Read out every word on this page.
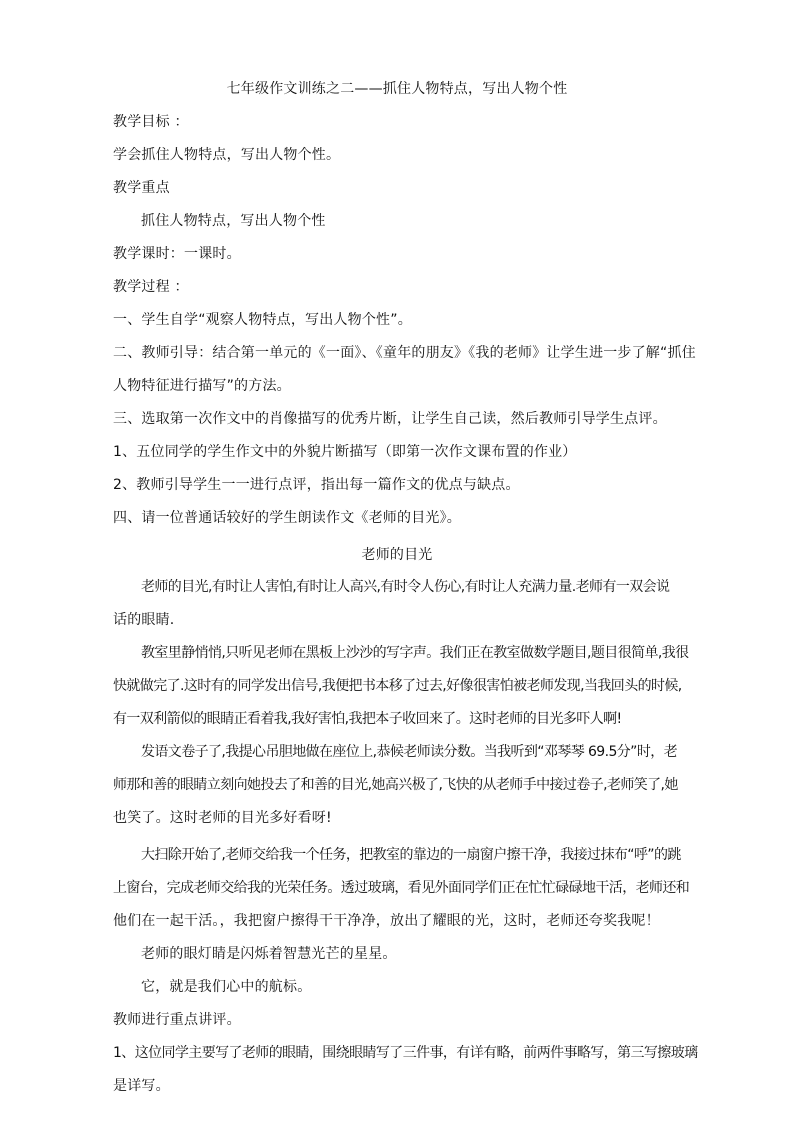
七年级作文训练之二——抓住人物特点，写出人物个性

教学目标 ：

学会抓住人物特点，写出人物个性。

教学重点

抓住人物特点，写出人物个性

教学课时：一课时。

教学过程 ：

一、学生自学“观察人物特点，写出人物个性”。

二、教师引导：结合第一单元的《一面》、《童年的朋友》《我的老师》让学生进一步了解“抓住

人物特征进行描写”的方法。

三、选取第一次作文中的肖像描写的优秀片断，让学生自己读，然后教师引导学生点评。

1、五位同学的学生作文中的外貌片断描写（即第一次作文课布置的作业）

2、教师引导学生一一进行点评，指出每一篇作文的优点与缺点。

四、请一位普通话较好的学生朗读作文《老师的目光》。

老师的目光

老师的目光,有时让人害怕,有时让人高兴,有时令人伤心,有时让人充满力量.老师有一双会说

话的眼睛.

教室里静悄悄,只听见老师在黑板上沙沙的写字声。我们正在教室做数学题目,题目很简单,我很

快就做完了.这时有的同学发出信号,我便把书本移了过去,好像很害怕被老师发现,当我回头的时候,

有一双利箭似的眼睛正看着我,我好害怕,我把本子收回来了。这时老师的目光多吓人啊!

发语文卷子了,我提心吊胆地做在座位上,恭候老师读分数。当我听到“邓琴琴 69.5分”时，老

师那和善的眼睛立刻向她投去了和善的目光,她高兴极了,飞快的从老师手中接过卷子,老师笑了,她

也笑了。这时老师的目光多好看呀!

大扫除开始了,老师交给我一个任务，把教室的靠边的一扇窗户擦干净，我接过抹布“呼”的跳

上窗台，完成老师交给我的光荣任务。透过玻璃，看见外面同学们正在忙忙碌碌地干活，老师还和

他们在一起干活。，我把窗户擦得干干净净，放出了耀眼的光，这时，老师还夸奖我呢！

老师的眼灯睛是闪烁着智慧光芒的星星。

它，就是我们心中的航标。

教师进行重点讲评。

1、这位同学主要写了老师的眼睛，围绕眼睛写了三件事，有详有略，前两件事略写，第三写擦玻璃

是详写。
